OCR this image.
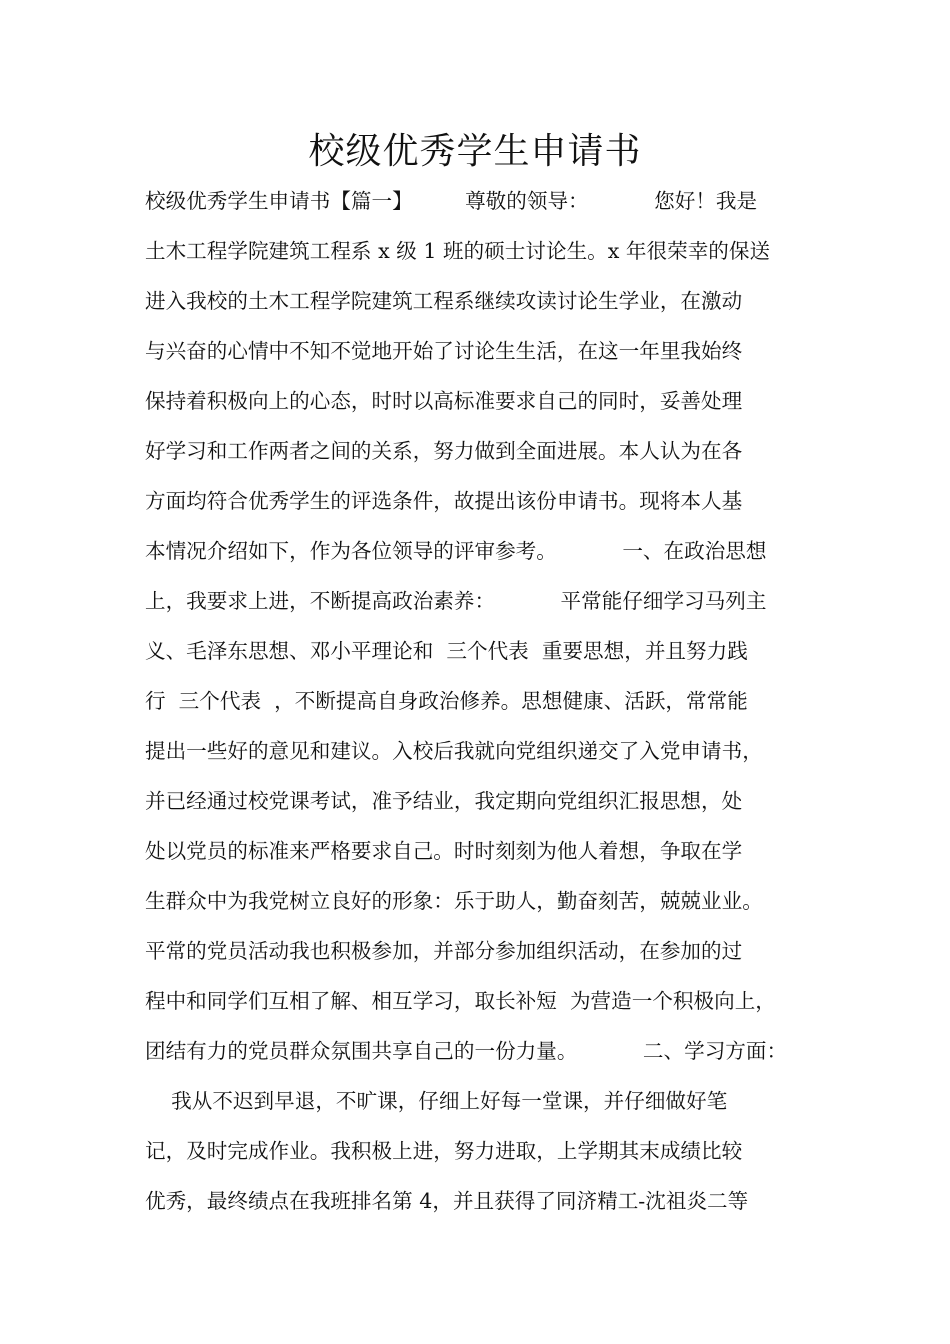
校级优秀学生申请书
校级优秀学生申请书【篇一】        尊敬的领导：          您好！我是
土木工程学院建筑工程系 x 级 1 班的硕士讨论生。x 年很荣幸的保送
进入我校的土木工程学院建筑工程系继续攻读讨论生学业，在激动
与兴奋的心情中不知不觉地开始了讨论生生活，在这一年里我始终
保持着积极向上的心态，时时以高标准要求自己的同时，妥善处理
好学习和工作两者之间的关系，努力做到全面进展。本人认为在各
方面均符合优秀学生的评选条件，故提出该份申请书。现将本人基
本情况介绍如下，作为各位领导的评审参考。          一、在政治思想
上，我要求上进，不断提高政治素养：          平常能仔细学习马列主
义、毛泽东思想、邓小平理论和  三个代表  重要思想，并且努力践
行  三个代表  ，不断提高自身政治修养。思想健康、活跃，常常能
提出一些好的意见和建议。入校后我就向党组织递交了入党申请书，
并已经通过校党课考试，准予结业，我定期向党组织汇报思想，处
处以党员的标准来严格要求自己。时时刻刻为他人着想，争取在学
生群众中为我党树立良好的形象：乐于助人，勤奋刻苦，兢兢业业。
平常的党员活动我也积极参加，并部分参加组织活动，在参加的过
程中和同学们互相了解、相互学习，取长补短  为营造一个积极向上，
团结有力的党员群众氛围共享自己的一份力量。          二、学习方面：
我从不迟到早退，不旷课，仔细上好每一堂课，并仔细做好笔
记，及时完成作业。我积极上进，努力进取，上学期其末成绩比较
优秀，最终绩点在我班排名第 4，并且获得了同济精工-沈祖炎二等
